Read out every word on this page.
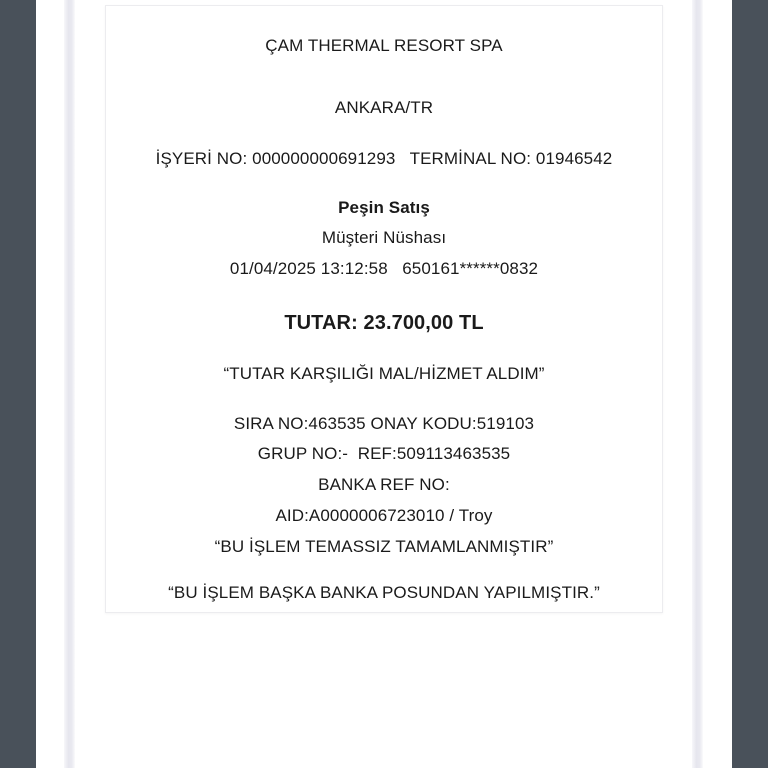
ÇAM THERMAL RESORT SPA
ANKARA/TR
İŞYERİ NO: 000000000691293   TERMİNAL NO: 01946542
Peşin Satış
Müşteri Nüshası
01/04/2025 13:12:58   650161******0832
TUTAR: 23.700,00 TL
“TUTAR KARŞILIĞI MAL/HİZMET ALDIM”
SIRA NO:463535 ONAY KODU:519103
GRUP NO:-  REF:509113463535
BANKA REF NO:
AID:A0000006723010 / Troy
“BU İŞLEM TEMASSIZ TAMAMLANMIŞTIR”
“BU İŞLEM BAŞKA BANKA POSUNDAN YAPILMIŞTIR.”
